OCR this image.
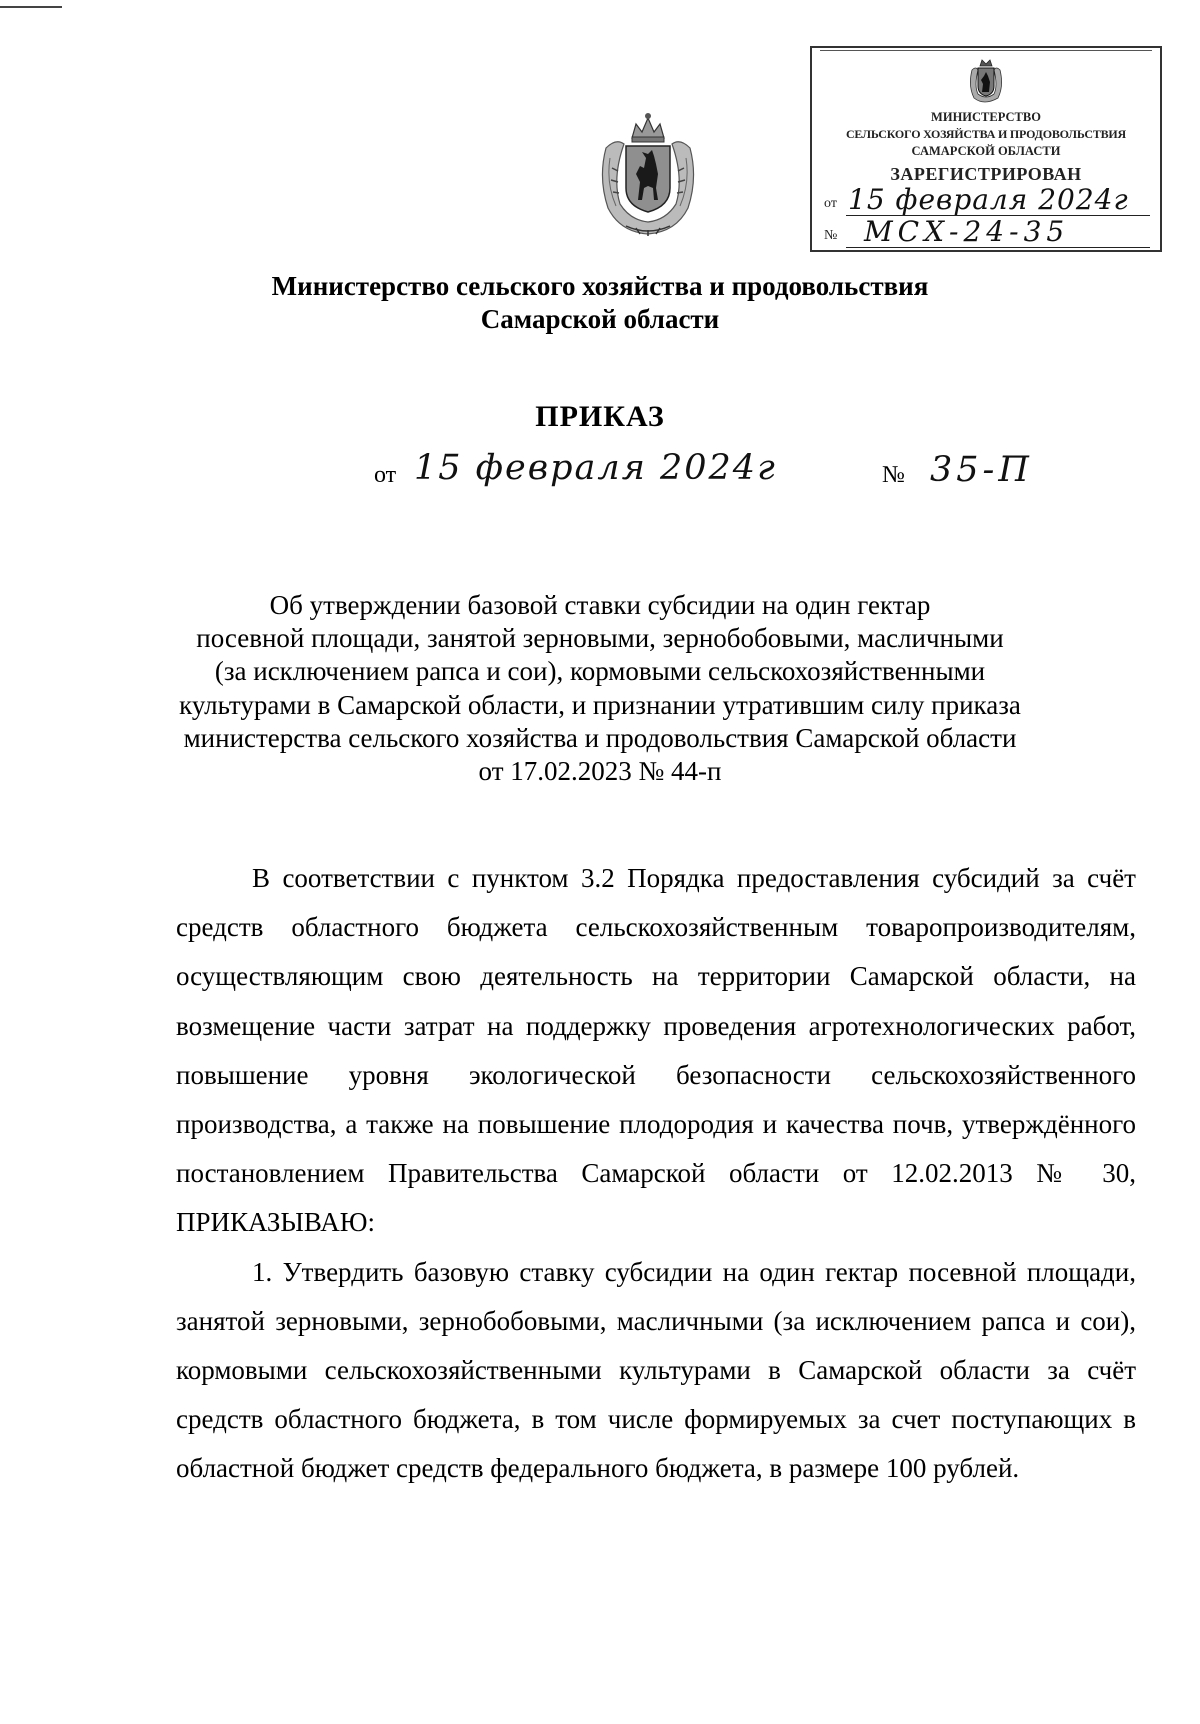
МИНИСТЕРСТВО
СЕЛЬСКОГО ХОЗЯЙСТВА И ПРОДОВОЛЬСТВИЯ
САМАРСКОЙ ОБЛАСТИ
ЗАРЕГИСТРИРОВАН
от 15 февраля 2024г
№ МСХ-24-35
Министерство сельского хозяйства и продовольствия
Самарской области
ПРИКАЗ
от 15 февраля 2024г	№ 35-П
Об утверждении базовой ставки субсидии на один гектар
посевной площади, занятой зерновыми, зернобобовыми, масличными
(за исключением рапса и сои), кормовыми сельскохозяйственными
культурами в Самарской области, и признании утратившим силу приказа
министерства сельского хозяйства и продовольствия Самарской области
от 17.02.2023 № 44-п

В соответствии с пунктом 3.2 Порядка предоставления субсидий за счёт средств областного бюджета сельскохозяйственным товаропроизводителям, осуществляющим свою деятельность на территории Самарской области, на возмещение части затрат на поддержку проведения агротехнологических работ, повышение уровня экологической безопасности сельскохозяйственного производства, а также на повышение плодородия и качества почв, утверждённого постановлением Правительства Самарской области от 12.02.2013 № 30, ПРИКАЗЫВАЮ:

1. Утвердить базовую ставку субсидии на один гектар посевной площади, занятой зерновыми, зернобобовыми, масличными (за исключением рапса и сои), кормовыми сельскохозяйственными культурами в Самарской области за счёт средств областного бюджета, в том числе формируемых за счет поступающих в областной бюджет средств федерального бюджета, в размере 100 рублей.
